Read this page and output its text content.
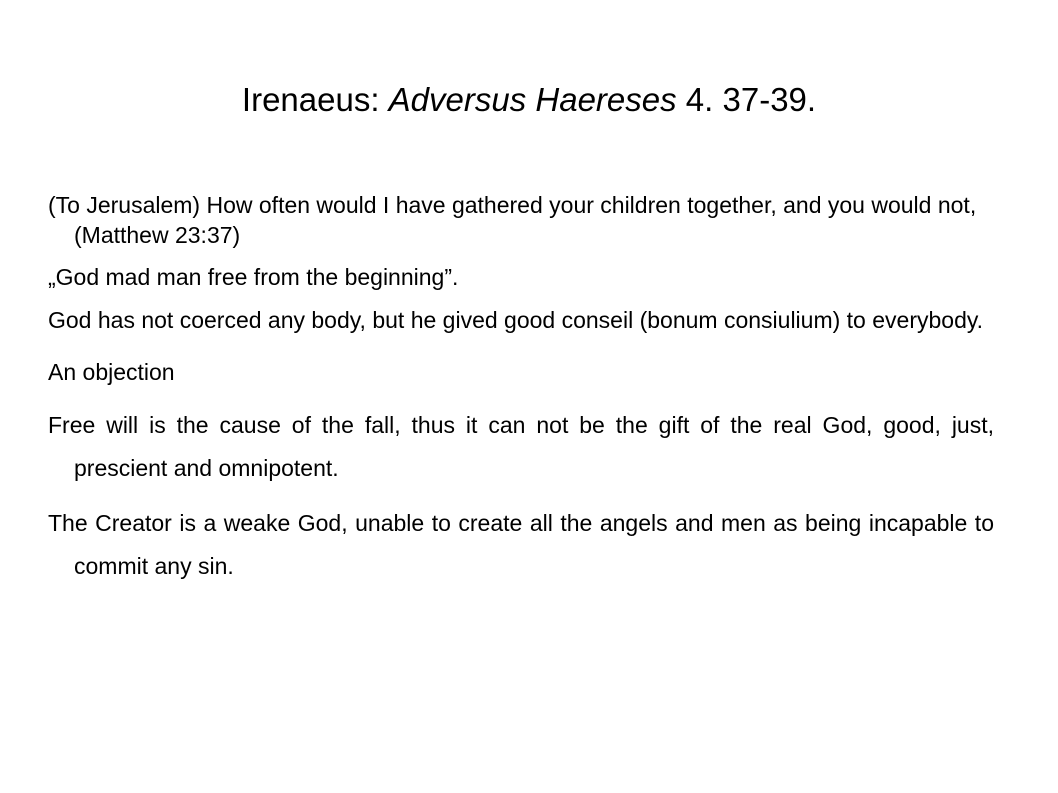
Irenaeus: Adversus Haereses 4. 37-39.

(To Jerusalem) How often would I have gathered your children together, and you would not, (Matthew 23:37)

„God mad man free from the beginning”.

God has not coerced any body, but he gived good conseil (bonum consiulium) to everybody.

An objection

Free will is the cause of the fall, thus it can not be the gift of the real God, good, just, prescient and omnipotent.

The Creator is a weake God, unable to create all the angels and men as being incapable to commit any sin.
